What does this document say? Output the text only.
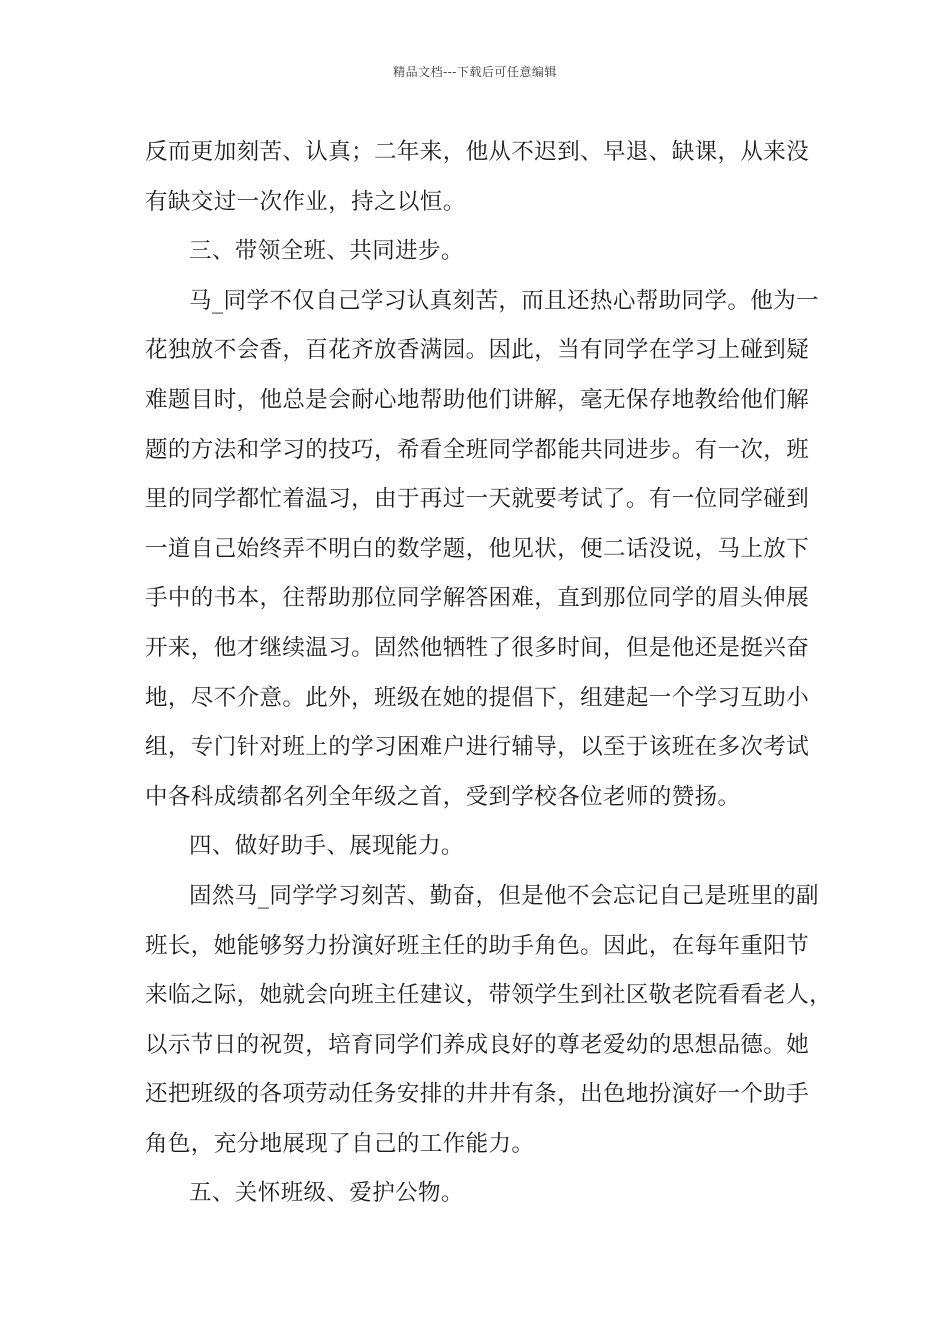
精品文档---下载后可任意编辑
反而更加刻苦、认真；二年来，他从不迟到、早退、缺课，从来没
有缺交过一次作业，持之以恒。
三、带领全班、共同进步。
马_同学不仅自己学习认真刻苦，而且还热心帮助同学。他为一
花独放不会香，百花齐放香满园。因此，当有同学在学习上碰到疑
难题目时，他总是会耐心地帮助他们讲解，毫无保存地教给他们解
题的方法和学习的技巧，希看全班同学都能共同进步。有一次，班
里的同学都忙着温习，由于再过一天就要考试了。有一位同学碰到
一道自己始终弄不明白的数学题，他见状，便二话没说，马上放下
手中的书本，往帮助那位同学解答困难，直到那位同学的眉头伸展
开来，他才继续温习。固然他牺牲了很多时间，但是他还是挺兴奋
地，尽不介意。此外，班级在她的提倡下，组建起一个学习互助小
组，专门针对班上的学习困难户进行辅导，以至于该班在多次考试
中各科成绩都名列全年级之首，受到学校各位老师的赞扬。
四、做好助手、展现能力。
固然马_同学学习刻苦、勤奋，但是他不会忘记自己是班里的副
班长，她能够努力扮演好班主任的助手角色。因此，在每年重阳节
来临之际，她就会向班主任建议，带领学生到社区敬老院看看老人，
以示节日的祝贺，培育同学们养成良好的尊老爱幼的思想品德。她
还把班级的各项劳动任务安排的井井有条，出色地扮演好一个助手
角色，充分地展现了自己的工作能力。
五、关怀班级、爱护公物。
